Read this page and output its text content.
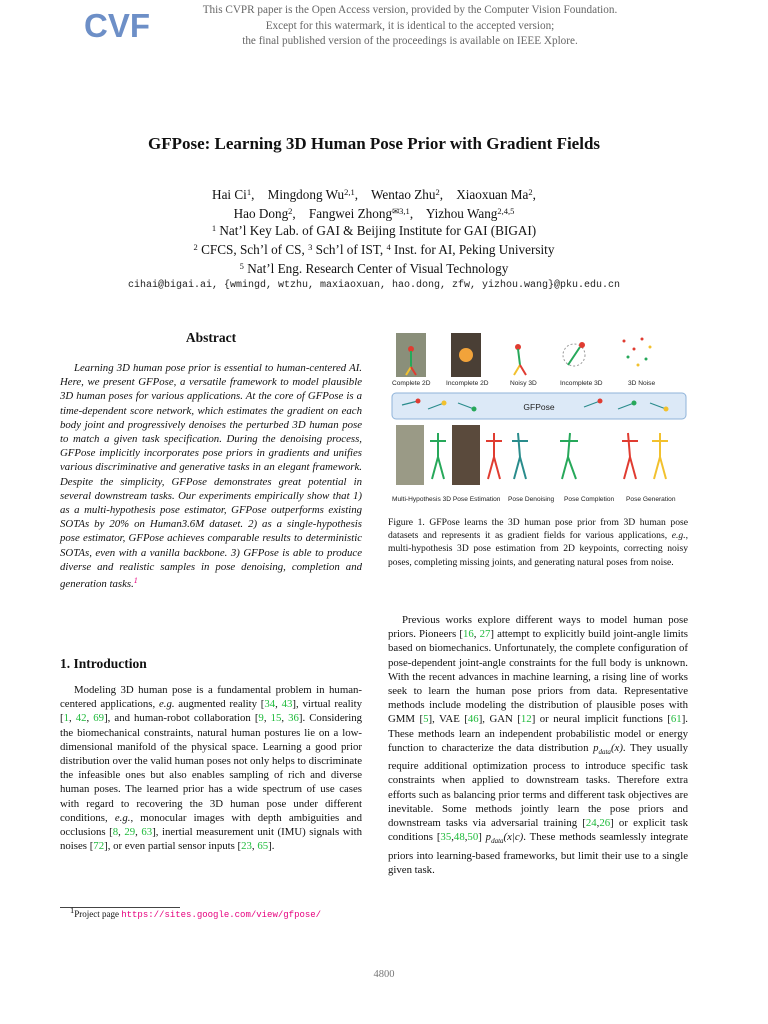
CVF	This CVPR paper is the Open Access version, provided by the Computer Vision Foundation.
Except for this watermark, it is identical to the accepted version;
the final published version of the proceedings is available on IEEE Xplore.
GFPose: Learning 3D Human Pose Prior with Gradient Fields
Hai Ci$^1$,    Mingdong Wu$^{2,1}$,    Wentao Zhu$^2$,    Xiaoxuan Ma$^2$,
Hao Dong$^2$,    Fangwei Zhong$^{✉3,1}$,    Yizhou Wang$^{2,4,5}$
$^1$ Nat’l Key Lab. of GAI & Beijing Institute for GAI (BIGAI)
$^2$ CFCS, Sch’l of CS, $^3$ Sch’l of IST, $^4$ Inst. for AI, Peking University
$^5$ Nat’l Eng. Research Center of Visual Technology
cihai@bigai.ai, {wmingd, wtzhu, maxiaoxuan, hao.dong, zfw, yizhou.wang}@pku.edu.cn
Abstract
Learning 3D human pose prior is essential to human-centered AI. Here, we present GFPose, a versatile framework to model plausible 3D human poses for various applications. At the core of GFPose is a time-dependent score network, which estimates the gradient on each body joint and progressively denoises the perturbed 3D human pose to match a given task specification. During the denoising process, GFPose implicitly incorporates pose priors in gradients and unifies various discriminative and generative tasks in an elegant framework. Despite the simplicity, GFPose demonstrates great potential in several downstream tasks. Our experiments empirically show that 1) as a multi-hypothesis pose estimator, GFPose outperforms existing SOTAs by 20% on Human3.6M dataset. 2) as a single-hypothesis pose estimator, GFPose achieves comparable results to deterministic SOTAs, even with a vanilla backbone. 3) GFPose is able to produce diverse and realistic samples in pose denoising, completion and generation tasks.$^1$
1. Introduction
Modeling 3D human pose is a fundamental problem in human-centered applications, e.g. augmented reality [34, 43], virtual reality [1, 42, 69], and human-robot collaboration [9, 15, 36]. Considering the biomechanical constraints, natural human postures lie on a low-dimensional manifold of the physical space. Learning a good prior distribution over the valid human poses not only helps to discriminate the infeasible ones but also enables sampling of rich and diverse human poses. The learned prior has a wide spectrum of use cases with regard to recovering the 3D human pose under different conditions, e.g., monocular images with depth ambiguities and occlusions [8, 29, 63], inertial measurement unit (IMU) signals with noises [72], or even partial sensor inputs [23, 65].
$^1$Project page https://sites.google.com/view/gfpose/
Complete 2D Incomplete 2D	Noisy 3D	Incomplete 3D	3D Noise
GFPose
Multi-Hypothesis 3D Pose Estimation Pose Denoising Pose Completion Pose Generation
Figure 1. GFPose learns the 3D human pose prior from 3D human pose datasets and represents it as gradient fields for various applications, e.g., multi-hypothesis 3D pose estimation from 2D keypoints, correcting noisy poses, completing missing joints, and generating natural poses from noise.
Previous works explore different ways to model human pose priors. Pioneers [16, 27] attempt to explicitly build joint-angle limits based on biomechanics. Unfortunately, the complete configuration of pose-dependent joint-angle constraints for the full body is unknown. With the recent advances in machine learning, a rising line of works seek to learn the human pose priors from data. Representative methods include modeling the distribution of plausible poses with GMM [5], VAE [46], GAN [12] or neural implicit functions [61]. These methods learn an independent probabilistic model or energy function to characterize the data distribution $p_{data}(x)$. They usually require additional optimization process to introduce specific task constraints when applied to downstream tasks. Therefore extra efforts such as balancing prior terms and different task objectives are inevitable. Some methods jointly learn the pose priors and downstream tasks via adversarial training [24,26] or explicit task conditions [35,48,50] $p_{data}(x|c)$. These methods seamlessly integrate priors into learning-based frameworks, but limit their use to a single given task.
4800
